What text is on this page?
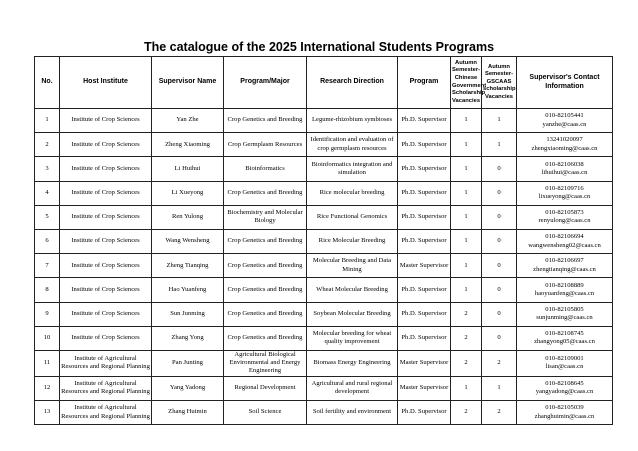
The catalogue of the 2025 International Students Programs
No.	Host Institute	Supervisor Name	Program/Major	Research Direction	Program	Autumn Semester-Chinese Government Scholarship Vacancies	Autumn Semester-GSCAAS scholarship Vacancies	Supervisor's Contact Information
1	Institute of Crop Sciences	Yan Zhe	Crop Genetics and Breeding	Legume-rhizobium symbioses	Ph.D. Supervisor	1	1	010-82105441
yanzhe@caas.cn

2	Institute of Crop Sciences	Zheng Xiaoming	Crop Germplasm Resources	Identification and evaluation of crop germplasm resources	Ph.D. Supervisor	1	1	13241020097
zhengxiaoming@caas.cn

3	Institute of Crop Sciences	Li Huihui	Bioinformatics	Bioinformatics integration and simulation	Ph.D. Supervisor	1	0	010-82106038
lihuihui@caas.cn

4	Institute of Crop Sciences	Li Xueyong	Crop Genetics and Breeding	Rice molecular breeding	Ph.D. Supervisor	1	0	010-82109716
lixueyong@caas.cn

5	Institute of Crop Sciences	Ren Yulong	Biochemistry and Molecular Biology	Rice Functional Genomics	Ph.D. Supervisor	1	0	010-82105873
renyulong@caas.cn

6	Institute of Crop Sciences	Wang Wensheng	Crop Genetics and Breeding	Rice Molecular Breeding	Ph.D. Supervisor	1	0	010-82106694
wangwensheng02@caas.cn

7	Institute of Crop Sciences	Zheng Tianqing	Crop Genetics and Breeding	Molecular Breeding and Data Mining	Master Supervisor	1	0	010-82106697
zhengtianqing@caas.cn

8	Institute of Crop Sciences	Hao Yuanfeng	Crop Genetics and Breeding	Wheat Molecular Breeding	Ph.D. Supervisor	1	0	010-82108889
haoyuanfeng@caas.cn

9	Institute of Crop Sciences	Sun Junming	Crop Genetics and Breeding	Soybean Molecular Breeding	Ph.D. Supervisor	2	0	010-82105805
sunjunming@caas.cn

10	Institute of Crop Sciences	Zhang Yong	Crop Genetics and Breeding	Molecular breeding for wheat quality improvement	Ph.D. Supervisor	2	0	010-82108745
zhangyong05@caas.cn

11	Institute of Agricultural Resources and Regional Planning	Pan Junting	Agricultural Biological Environmental and Energy Engineering	Biomass Energy Engineering	Master Supervisor	2	2	010-82109001
lisan@caas.cn

12	Institute of Agricultural Resources and Regional Planning	Yang Yadong	Regional Development	Agricultural and rural regional development	Master Supervisor	1	1	010-82108645
yangyadong@caas.cn

13	Institute of Agricultural Resources and Regional Planning	Zhang Huimin	Soil Science	Soil fertility and environment	Ph.D. Supervisor	2	2	010-82105039
zhanghuimin@caas.cn
